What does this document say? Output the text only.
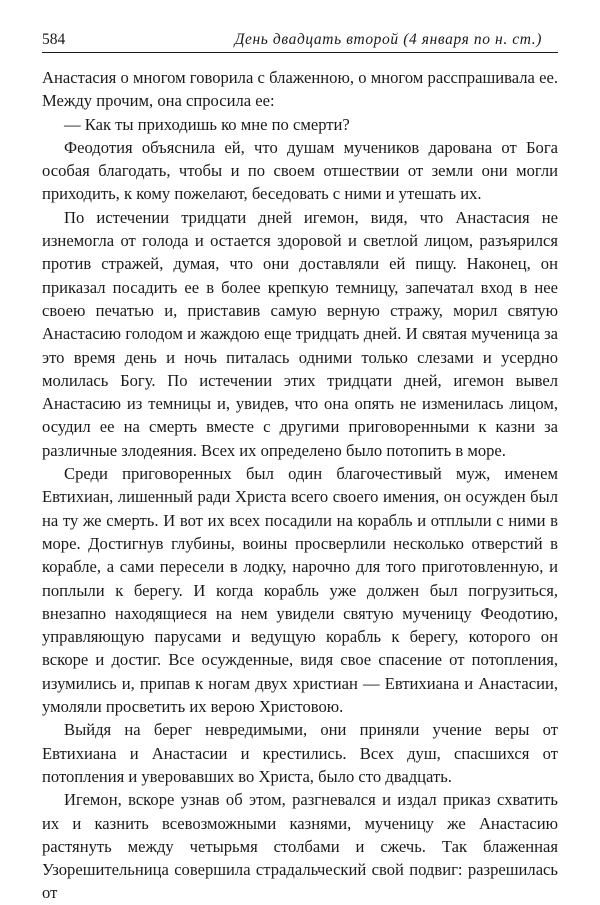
584	День двадцать второй (4 января по н. ст.)

Анастасия о многом говорила с блаженною, о многом расспрашивала ее. Между прочим, она спросила ее:

— Как ты приходишь ко мне по смерти?

Феодотия объяснила ей, что душам мучеников дарована от Бога особая благодать, чтобы и по своем отшествии от земли они могли приходить, к кому пожелают, беседовать с ними и утешать их.

По истечении тридцати дней игемон, видя, что Анастасия не изнемогла от голода и остается здоровой и светлой лицом, разъярился против стражей, думая, что они доставляли ей пищу. Наконец, он приказал посадить ее в более крепкую темницу, запечатал вход в нее своею печатью и, приставив самую верную стражу, морил святую Анастасию голодом и жаждою еще тридцать дней. И святая мученица за это время день и ночь питалась одними только слезами и усердно молилась Богу. По истечении этих тридцати дней, игемон вывел Анастасию из темницы и, увидев, что она опять не изменилась лицом, осудил ее на смерть вместе с другими приговоренными к казни за различные злодеяния. Всех их определено было потопить в море.

Среди приговоренных был один благочестивый муж, именем Евтихиан, лишенный ради Христа всего своего имения, он осужден был на ту же смерть. И вот их всех посадили на корабль и отплыли с ними в море. Достигнув глубины, воины просверлили несколько отверстий в корабле, а сами пересели в лодку, нарочно для того приготовленную, и поплыли к берегу. И когда корабль уже должен был погрузиться, внезапно находящиеся на нем увидели святую мученицу Феодотию, управляющую парусами и ведущую корабль к берегу, которого он вскоре и достиг. Все осужденные, видя свое спасение от потопления, изумились и, припав к ногам двух христиан — Евтихиана и Анастасии, умоляли просветить их верою Христовою.

Выйдя на берег невредимыми, они приняли учение веры от Евтихиана и Анастасии и крестились. Всех душ, спасшихся от потопления и уверовавших во Христа, было сто двадцать.

Игемон, вскоре узнав об этом, разгневался и издал приказ схватить их и казнить всевозможными казнями, мученицу же Анастасию растянуть между четырьмя столбами и сжечь. Так блаженная Узорешительница совершила страдальческий свой подвиг: разрешилась от
